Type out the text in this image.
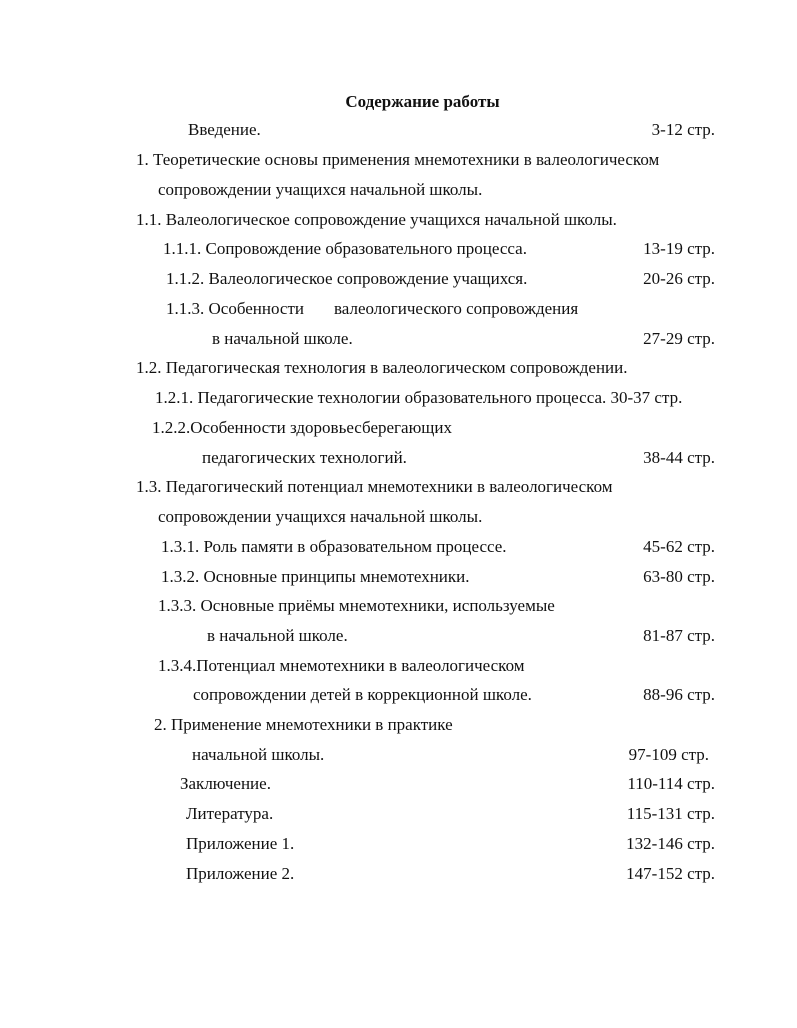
Содержание работы
Введение.	3-12 стр.
1. Теоретические основы применения мнемотехники в валеологическом
сопровождении учащихся начальной школы.
1.1. Валеологическое сопровождение учащихся начальной школы.
1.1.1. Сопровождение образовательного процесса.	13-19 стр.
1.1.2. Валеологическое сопровождение учащихся.	20-26 стр.
1.1.3. Особенности валеологического сопровождения
в начальной школе.	27-29 стр.
1.2. Педагогическая технология в валеологическом сопровождении.
1.2.1. Педагогические технологии образовательного процесса. 30-37 стр.
1.2.2.Особенности здоровьесберегающих
педагогических технологий.	38-44 стр.
1.3. Педагогический потенциал мнемотехники в валеологическом
сопровождении учащихся начальной школы.
1.3.1. Роль памяти в образовательном процессе.	45-62 стр.
1.3.2. Основные принципы мнемотехники.	63-80 стр.
1.3.3. Основные приёмы мнемотехники, используемые
в начальной школе.	81-87 стр.
1.3.4.Потенциал мнемотехники в валеологическом
сопровождении детей в коррекционной школе.	88-96 стр.
2. Применение мнемотехники в практике
начальной школы.	97-109 стр.
Заключение.	110-114 стр.
Литература.	115-131 стр.
Приложение 1.	132-146 стр.
Приложение 2.	147-152 стр.
